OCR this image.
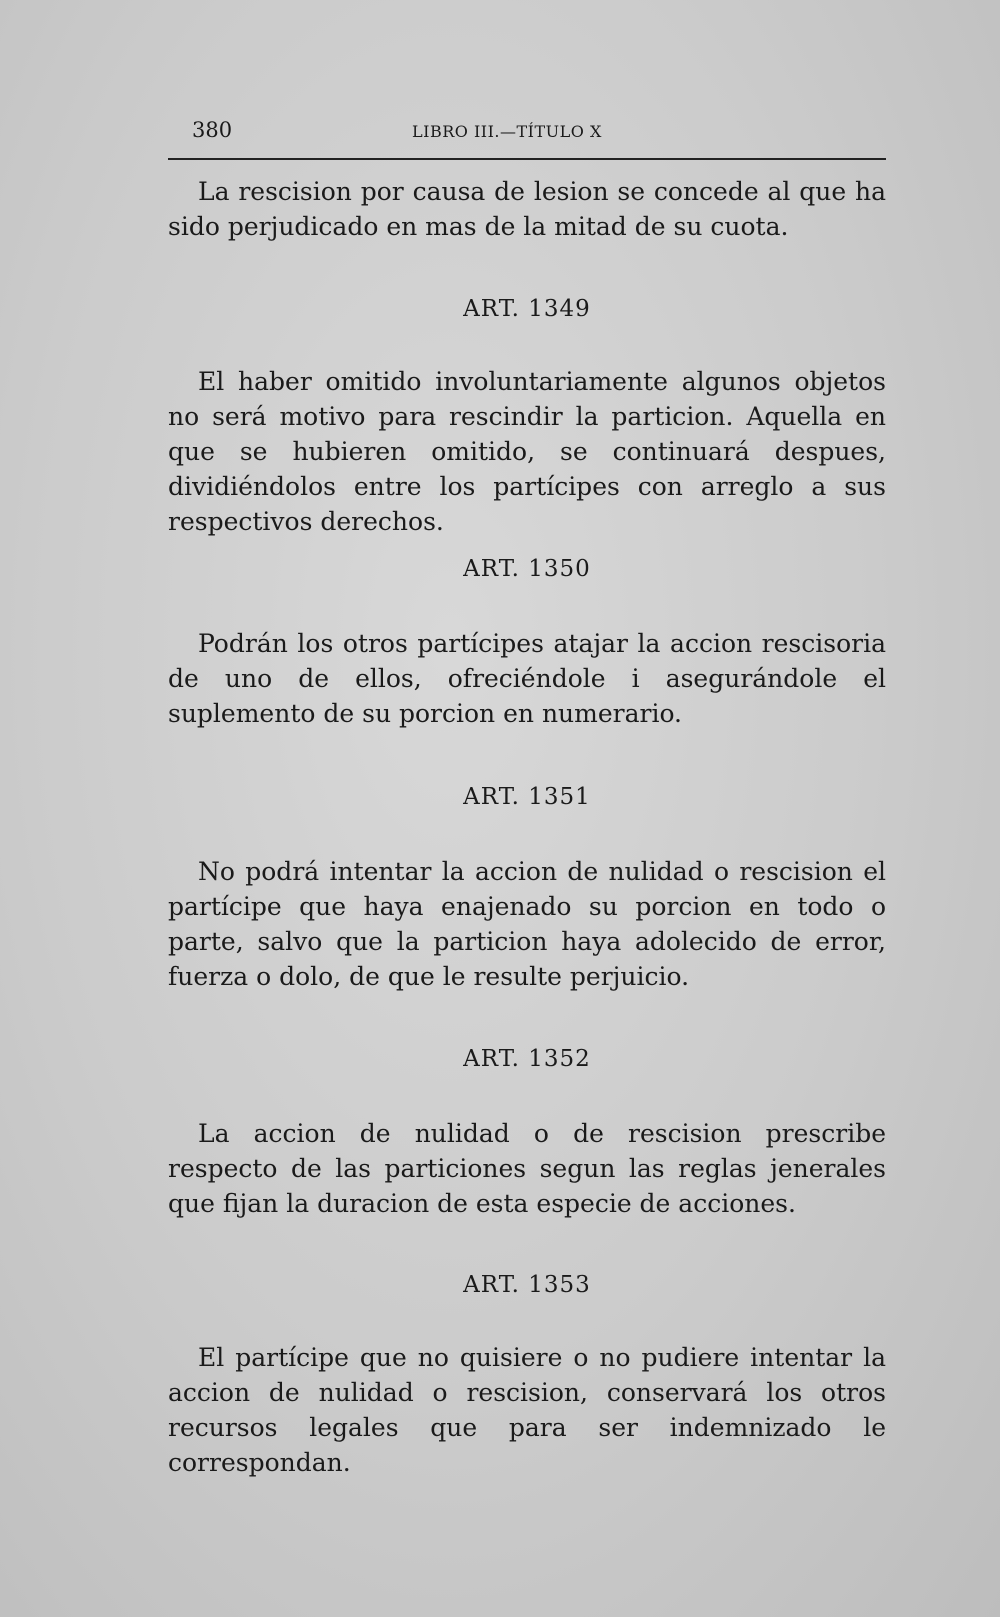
380	LIBRO III.—TÍTULO X

La rescision por causa de lesion se concede al que ha sido perjudicado en mas de la mitad de su cuota.

ART. 1349

El haber omitido involuntariamente algunos objetos no será motivo para rescindir la particion. Aquella en que se hubieren omitido, se continuará despues, dividiéndolos entre los partícipes con arreglo a sus respectivos derechos.

ART. 1350

Podrán los otros partícipes atajar la accion rescisoria de uno de ellos, ofreciéndole i asegurándole el suplemento de su porcion en numerario.

ART. 1351

No podrá intentar la accion de nulidad o rescision el partícipe que haya enajenado su porcion en todo o parte, salvo que la particion haya adolecido de error, fuerza o dolo, de que le resulte perjuicio.

ART. 1352

La accion de nulidad o de rescision prescribe respecto de las particiones segun las reglas jenerales que fijan la duracion de esta especie de acciones.

ART. 1353

El partícipe que no quisiere o no pudiere intentar la accion de nulidad o rescision, conservará los otros recursos legales que para ser indemnizado le correspondan.
